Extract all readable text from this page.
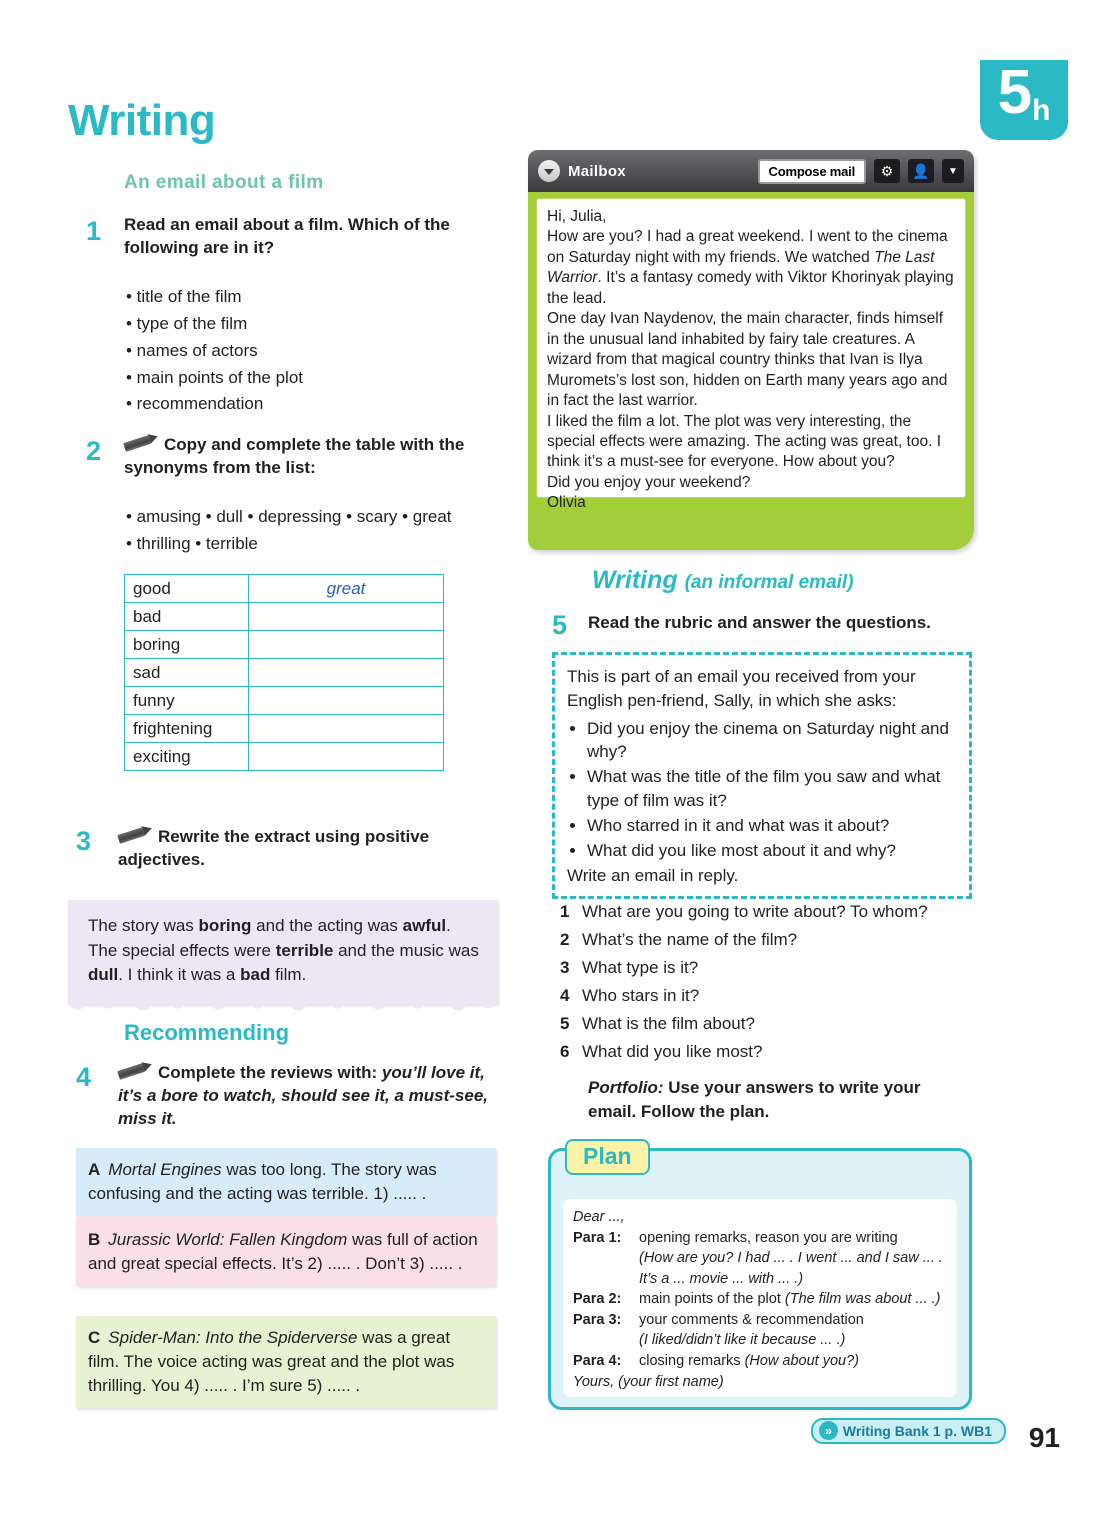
5 h
Writing
An email about a film
1 Read an email about a film. Which of the following are in it?
• title of the film
• type of the film
• names of actors
• main points of the plot
• recommendation
2	Copy and complete the table with the synonyms from the list:
• amusing • dull • depressing • scary • great
• thrilling • terrible
good	great
bad	
boring	
sad	
funny	
frightening	
exciting	
3	Rewrite the extract using positive adjectives.
The story was boring and the acting was awful. The special effects were terrible and the music was dull. I think it was a bad film.
Recommending
4	Complete the reviews with: you’ll love it, it’s a bore to watch, should see it, a must-see, miss it.
A Mortal Engines was too long. The story was confusing and the acting was terrible. 1) ..... .
B Jurassic World: Fallen Kingdom was full of action and great special effects. It’s 2) ..... . Don’t 3) ..... .
C Spider-Man: Into the Spiderverse was a great film. The voice acting was great and the plot was thrilling. You 4) ..... . I’m sure 5) ..... .
Mailbox	Compose mail	⚙	👤	▼
Hi, Julia,
How are you? I had a great weekend. I went to the cinema on Saturday night with my friends. We watched The Last Warrior. It’s a fantasy comedy with Viktor Khorinyak playing the lead.
One day Ivan Naydenov, the main character, finds himself in the unusual land inhabited by fairy tale creatures. A wizard from that magical country thinks that Ivan is Ilya Muromets’s lost son, hidden on Earth many years ago and in fact the last warrior.
I liked the film a lot. The plot was very interesting, the special effects were amazing. The acting was great, too. I think it’s a must-see for everyone. How about you?
Did you enjoy your weekend?
Olivia
Writing (an informal email)
5 Read the rubric and answer the questions.
This is part of an email you received from your English pen-friend, Sally, in which she asks:
• Did you enjoy the cinema on Saturday night and why?
• What was the title of the film you saw and what type of film was it?
• Who starred in it and what was it about?
• What did you like most about it and why?
Write an email in reply.
1 What are you going to write about? To whom?
2 What’s the name of the film?
3 What type is it?
4 Who stars in it?
5 What is the film about?
6 What did you like most?
Portfolio: Use your answers to write your email. Follow the plan.
Plan
Dear ...,
Para 1:	opening remarks, reason you are writing
(How are you? I had ... . I went ... and I saw ... . It’s a ... movie ... with ... .)
Para 2:	main points of the plot (The film was about ... .)
Para 3:	your comments & recommendation
(I liked/didn’t like it because ... .)
Para 4:	closing remarks (How about you?)
Yours, (your first name)
» Writing Bank 1 p. WB1	91
